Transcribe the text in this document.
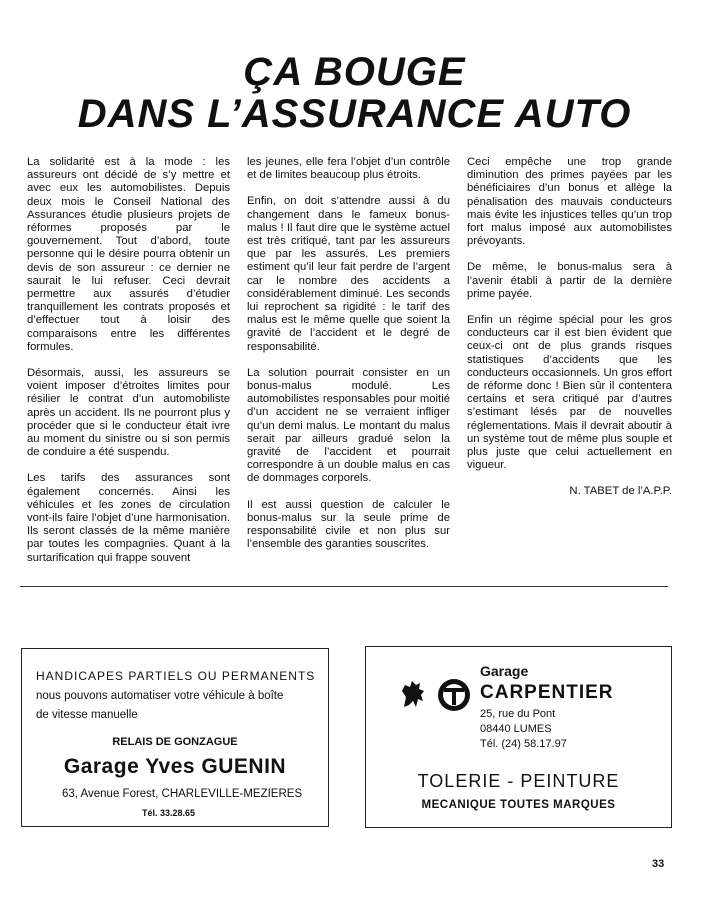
ÇA BOUGE
DANS L’ASSURANCE AUTO

La solidarité est à la mode : les assureurs ont décidé de s’y mettre et avec eux les automobilistes. Depuis deux mois le Conseil National des Assurances étudie plusieurs projets de réformes proposés par le gouvernement. Tout d’abord, toute personne qui le désire pourra obtenir un devis de son assureur : ce dernier ne saurait le lui refuser. Ceci devrait permettre aux assurés d’étudier tranquillement les contrats proposés et d’effectuer tout à loisir des comparaisons entre les différentes formules.

Désormais, aussi, les assureurs se voient imposer d’étroites limites pour résilier le contrat d’un automobiliste après un accident. Ils ne pourront plus y procéder que si le conducteur était ivre au moment du sinistre ou si son permis de conduire a été suspendu.

Les tarifs des assurances sont également concernés. Ainsi les véhicules et les zones de circulation vont-ils faire l’objet d’une harmonisation. Ils seront classés de la même manière par toutes les compagnies. Quant à la surtarification qui frappe souvent

les jeunes, elle fera l’objet d’un contrôle et de limites beaucoup plus étroits.

Enfin, on doit s’attendre aussi à du changement dans le fameux bonus-malus ! Il faut dire que le système actuel est très critiqué, tant par les assureurs que par les assurés. Les premiers estiment qu’il leur fait perdre de l’argent car le nombre des accidents a considérablement diminué. Les seconds lui reprochent sa rigidité : le tarif des malus est le même quelle que soient la gravité de l’accident et le degré de responsabilité.

La solution pourrait consister en un bonus-malus modulé. Les automobilistes responsables pour moitié d’un accident ne se verraient infliger qu’un demi malus. Le montant du malus serait par ailleurs gradué selon la gravité de l’accident et pourrait correspondre à un double malus en cas de dommages corporels.

Il est aussi question de calculer le bonus-malus sur la seule prime de responsabilité civile et non plus sur l’ensemble des garanties souscrites.

Ceci empêche une trop grande diminution des primes payées par les bénéficiaires d’un bonus et allège la pénalisation des mauvais conducteurs mais évite les injustices telles qu’un trop fort malus imposé aux automobilistes prévoyants.

De même, le bonus-malus sera à l’avenir établi à partir de la dernière prime payée.

Enfin un régime spécial pour les gros conducteurs car il est bien évident que ceux-ci ont de plus grands risques statistiques d’accidents que les conducteurs occasionnels. Un gros effort de réforme donc ! Bien sûr il contentera certains et sera critiqué par d’autres s’estimant lésés par de nouvelles réglementations. Mais il devrait aboutir à un système tout de même plus souple et plus juste que celui actuellement en vigueur.

N. TABET de l’A.P.P.

HANDICAPES PARTIELS OU PERMANENTS
nous pouvons automatiser votre véhicule à boîte
de vitesse manuelle
RELAIS DE GONZAGUE
Garage Yves GUENIN
63, Avenue Forest, CHARLEVILLE-MEZIERES
Tél. 33.28.65
Garage
CARPENTIER
25, rue du Pont
08440 LUMES
Tél. (24) 58.17.97
TOLERIE - PEINTURE
MECANIQUE TOUTES MARQUES
33
